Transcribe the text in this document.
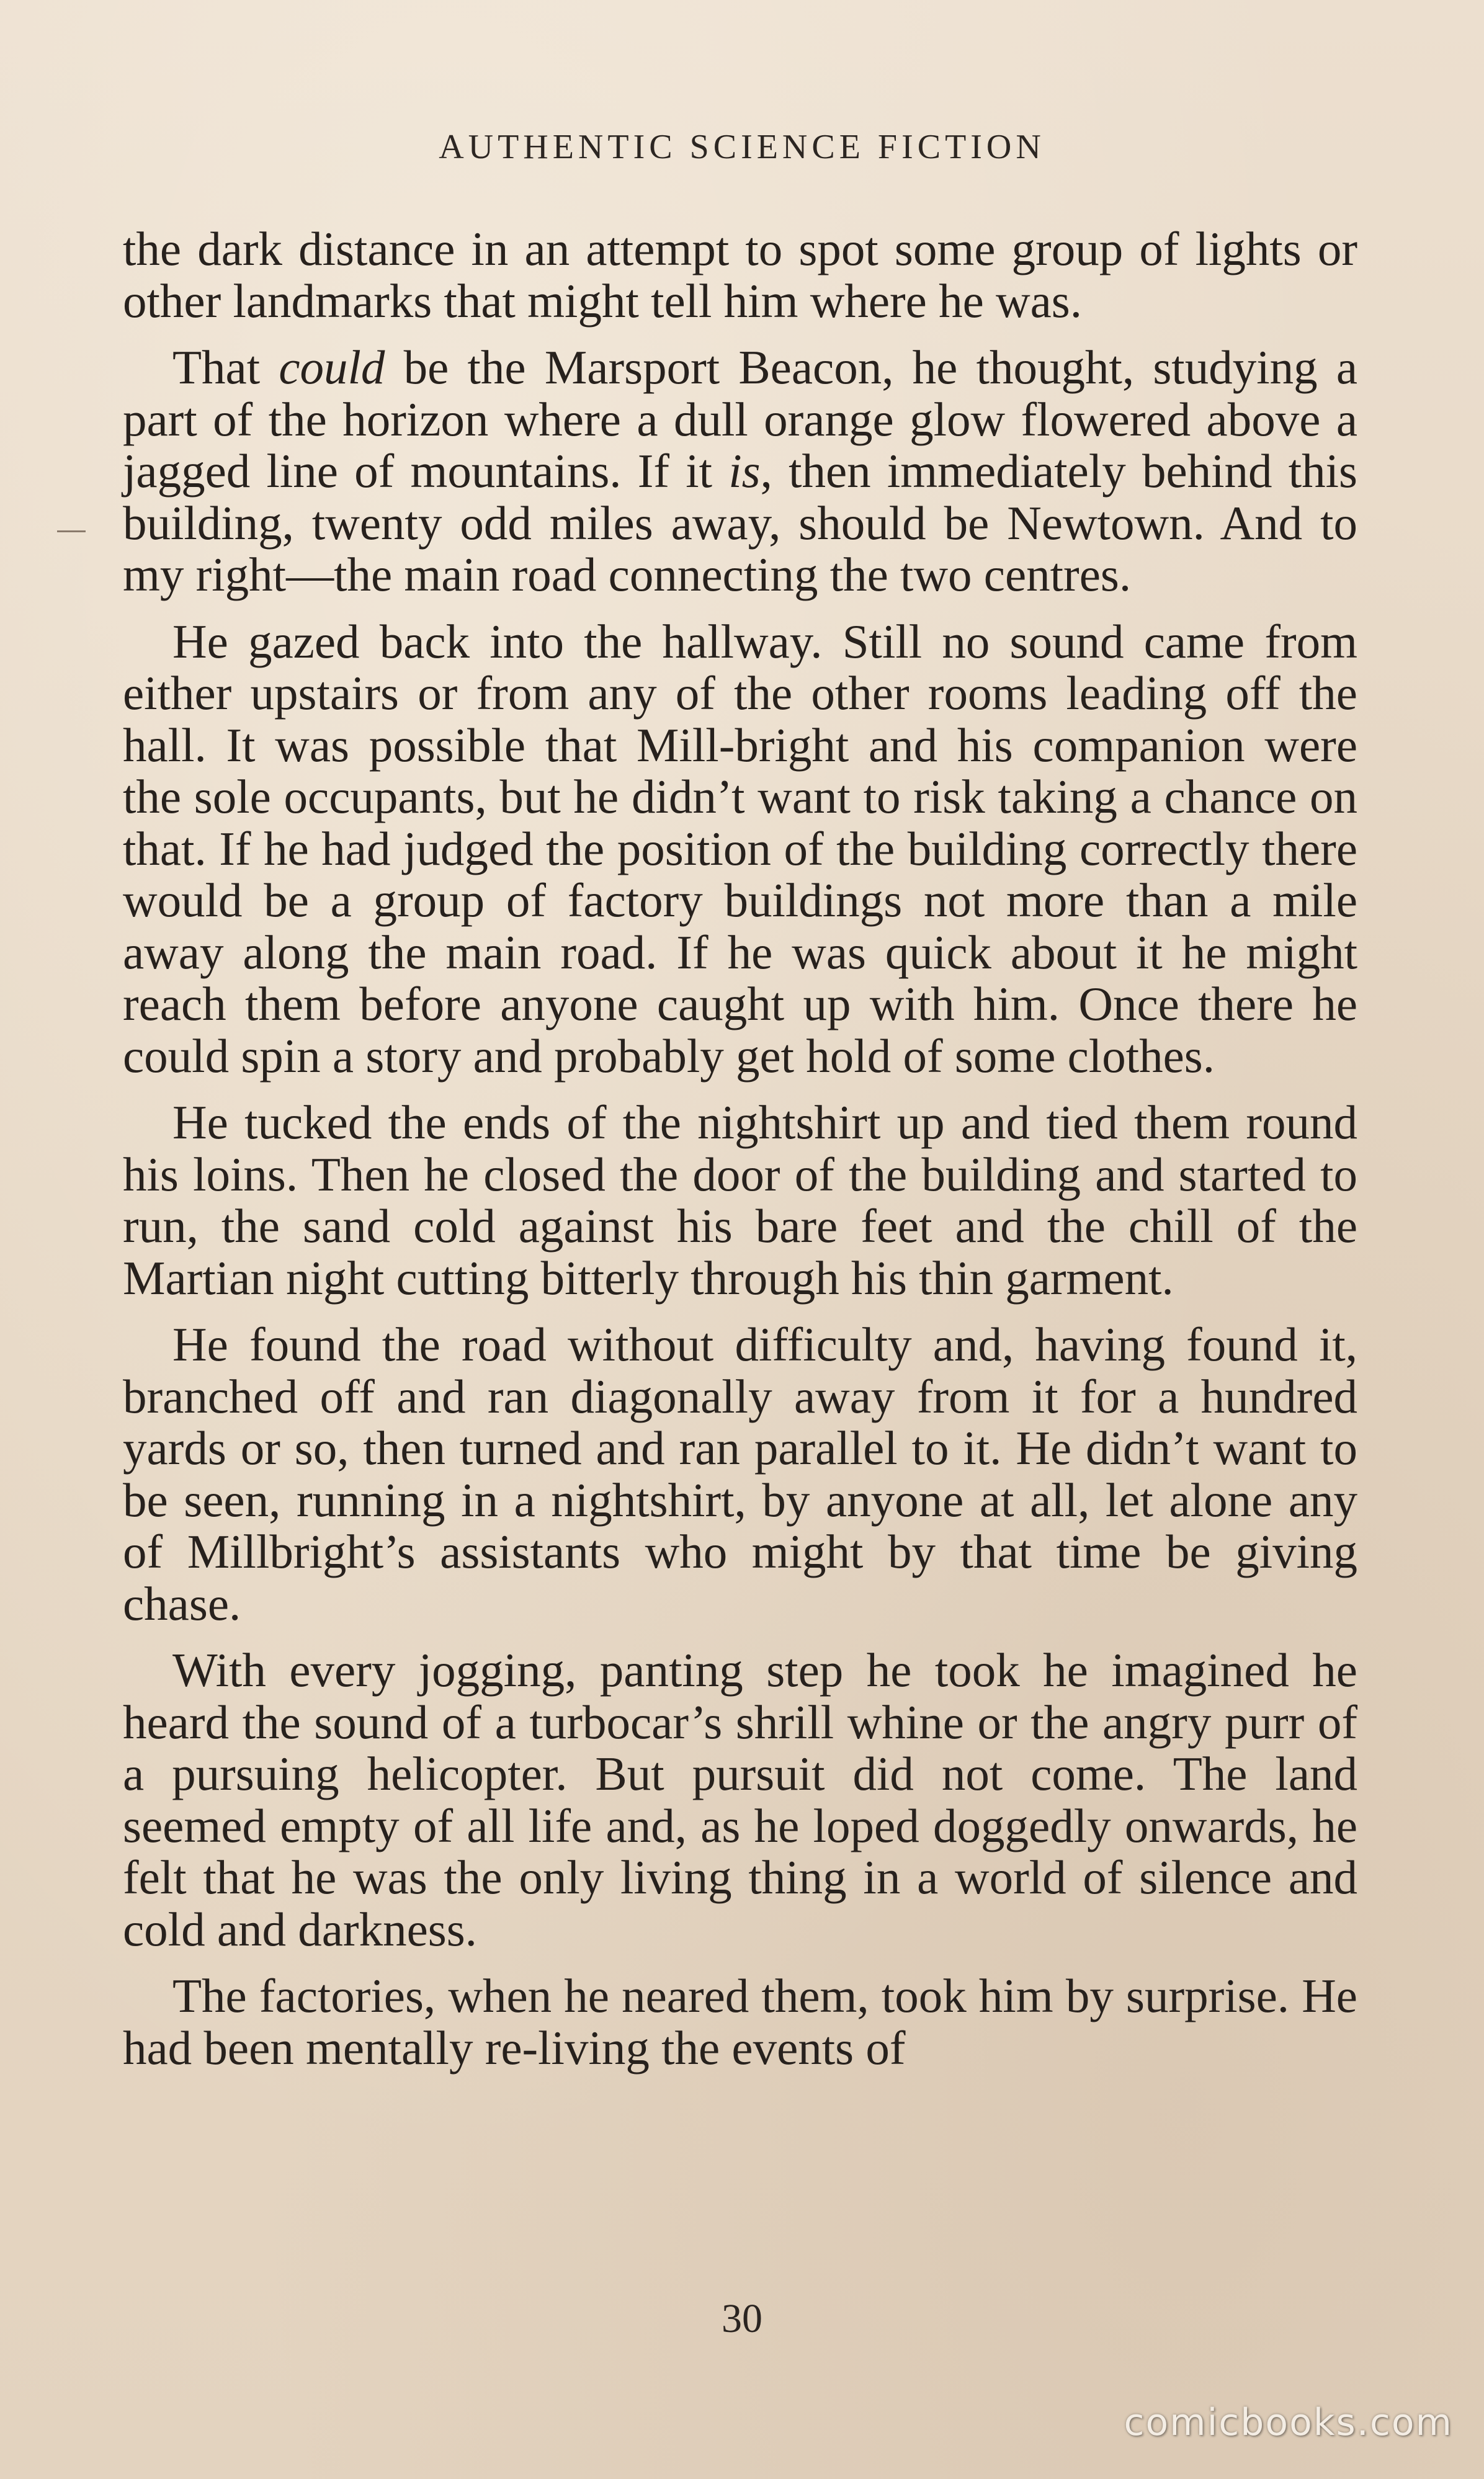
AUTHENTIC SCIENCE FICTION

the dark distance in an attempt to spot some group of lights or other landmarks that might tell him where he was.

That could be the Marsport Beacon, he thought, studying a part of the horizon where a dull orange glow flowered above a jagged line of mountains. If it is, then immediately behind this building, twenty odd miles away, should be Newtown. And to my right—the main road connecting the two centres.

He gazed back into the hallway. Still no sound came from either upstairs or from any of the other rooms leading off the hall. It was possible that Mill-bright and his companion were the sole occupants, but he didn’t want to risk taking a chance on that. If he had judged the position of the building correctly there would be a group of factory buildings not more than a mile away along the main road. If he was quick about it he might reach them before anyone caught up with him. Once there he could spin a story and probably get hold of some clothes.

He tucked the ends of the nightshirt up and tied them round his loins. Then he closed the door of the building and started to run, the sand cold against his bare feet and the chill of the Martian night cutting bitterly through his thin garment.

He found the road without difficulty and, having found it, branched off and ran diagonally away from it for a hundred yards or so, then turned and ran parallel to it. He didn’t want to be seen, running in a nightshirt, by anyone at all, let alone any of Millbright’s assistants who might by that time be giving chase.

With every jogging, panting step he took he imagined he heard the sound of a turbocar’s shrill whine or the angry purr of a pursuing helicopter. But pursuit did not come. The land seemed empty of all life and, as he loped doggedly onwards, he felt that he was the only living thing in a world of silence and cold and darkness.

The factories, when he neared them, took him by surprise. He had been mentally re-living the events of

30
comicbooks.com
